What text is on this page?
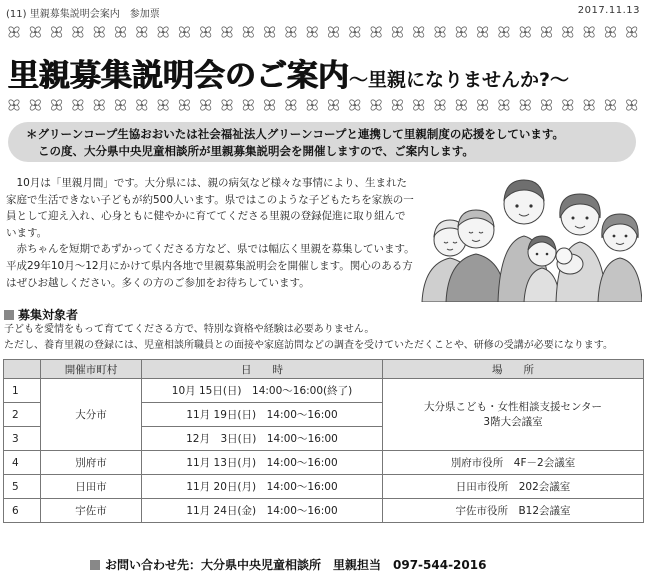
(11) 里親募集説明会案内　参加票	2017.11.13
里親募集説明会のご案内～里親になりませんか?～
＊グリーンコープ生協おおいたは社会福祉法人グリーンコープと連携して里親制度の応援をしています。
この度、大分県中央児童相談所が里親募集説明会を開催しますので、ご案内します。

10月は「里親月間」です。大分県には、親の病気など様々な事情により、生まれた家庭で生活できない子どもが約500人います。県ではこのような子どもたちを家族の一員として迎え入れ、心身ともに健やかに育ててくださる里親の登録促進に取り組んでいます。

赤ちゃんを短期であずかってくださる方など、県では幅広く里親を募集しています。平成29年10月～12月にかけて県内各地で里親募集説明会を開催します。関心のある方はぜひお越しください。多くの方のご参加をお待ちしています。

募集対象者
子どもを愛情をもって育ててくださる方で、特別な資格や経験は必要ありません。
ただし、養育里親の登録には、児童相談所職員との面接や家庭訪問などの調査を受けていただくことや、研修の受講が必要になります。
	開催市町村	日　　時	場　　所
1	大分市	10月 15日(日)　14:00～16:00(終了)	大分県こども・女性相談支援センター
3階大会議室

2		11月 19日(日)　14:00～16:00	
3		12月　3日(日)　14:00～16:00	
4	別府市	11月 13日(月)　14:00～16:00	別府市役所　4F－2会議室
5	日田市	11月 20日(月)　14:00～16:00	日田市役所　202会議室
6	宇佐市	11月 24日(金)　14:00～16:00	宇佐市役所　B12会議室
お問い合わせ先：大分県中央児童相談所　里親担当　097-544-2016
